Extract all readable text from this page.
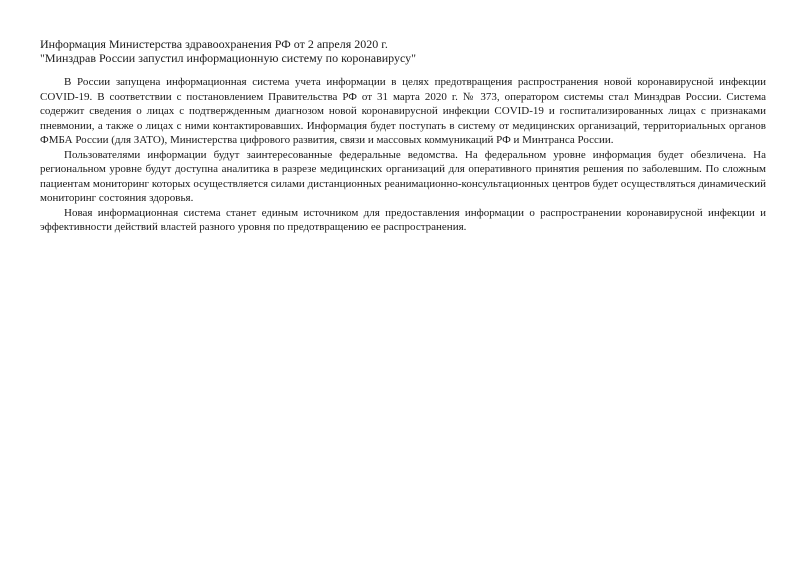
Информация Министерства здравоохранения РФ от 2 апреля 2020 г.

"Минздрав России запустил информационную систему по коронавирусу"

В России запущена информационная система учета информации в целях предотвращения распространения новой коронавирусной инфекции COVID-19. В соответствии с постановлением Правительства РФ от 31 марта 2020 г. № 373, оператором системы стал Минздрав России. Система содержит сведения о лицах с подтвержденным диагнозом новой коронавирусной инфекции COVID-19 и госпитализированных лицах с признаками пневмонии, а также о лицах с ними контактировавших. Информация будет поступать в систему от медицинских организаций, территориальных органов ФМБА России (для ЗАТО), Министерства цифрового развития, связи и массовых коммуникаций РФ и Минтранса России.

Пользователями информации будут заинтересованные федеральные ведомства. На федеральном уровне информация будет обезличена. На региональном уровне будут доступна аналитика в разрезе медицинских организаций для оперативного принятия решения по заболевшим. По сложным пациентам мониторинг которых осуществляется силами дистанционных реанимационно-консультационных центров будет осуществляться динамический мониторинг состояния здоровья.

Новая информационная система станет единым источником для предоставления информации о распространении коронавирусной инфекции и эффективности действий властей разного уровня по предотвращению ее распространения.
